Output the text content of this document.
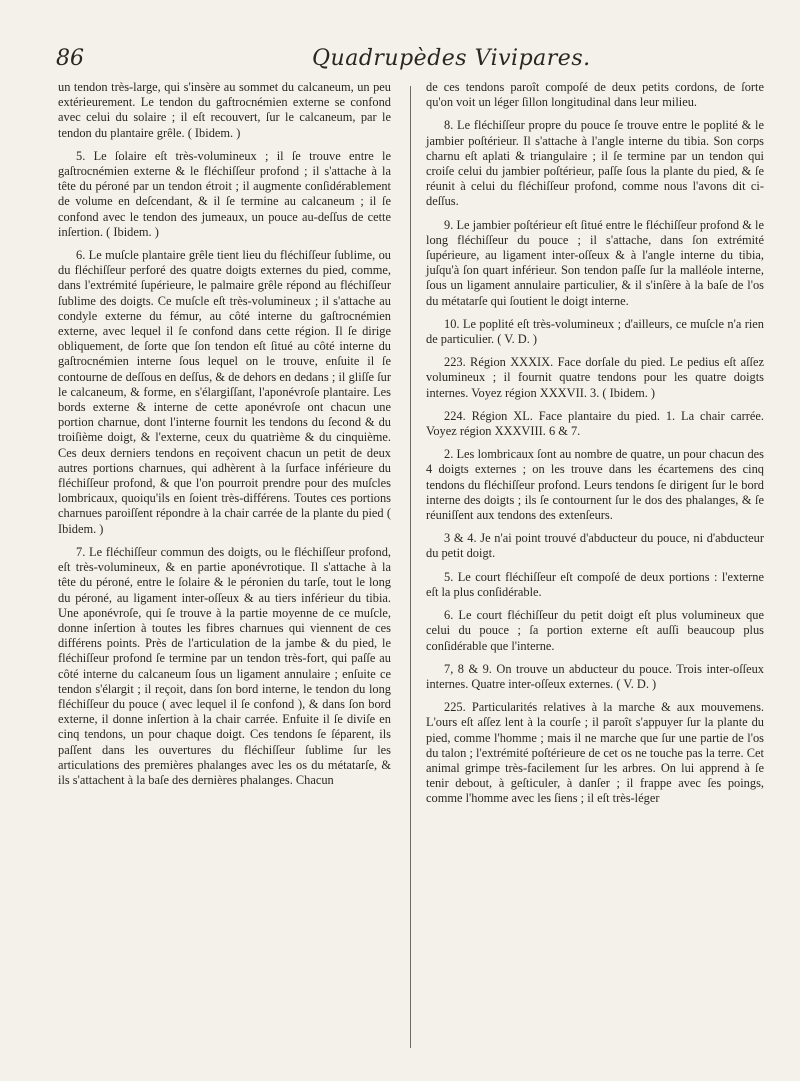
86	Quadrupèdes Vivipares.

un tendon très-large, qui s'insère au sommet du calcaneum, un peu extérieurement. Le tendon du gaftrocnémien externe se confond avec celui du solaire ; il eſt recouvert, ſur le calcaneum, par le tendon du plantaire grêle. ( Ibidem. )

5. Le ſolaire eſt très-volumineux ; il ſe trouve entre le gaſtrocnémien externe & le fléchiſſeur profond ; il s'attache à la tête du péroné par un tendon étroit ; il augmente conſidérablement de volume en deſcendant, & il ſe termine au calcaneum ; il ſe confond avec le tendon des jumeaux, un pouce au-deſſus de cette inſertion. ( Ibidem. )

6. Le muſcle plantaire grêle tient lieu du fléchiſſeur ſublime, ou du fléchiſſeur perforé des quatre doigts externes du pied, comme, dans l'extrémité ſupérieure, le palmaire grêle répond au fléchiſſeur ſublime des doigts. Ce muſcle eſt très-volumineux ; il s'attache au condyle externe du fémur, au côté interne du gaſtrocnémien externe, avec lequel il ſe confond dans cette région. Il ſe dirige obliquement, de ſorte que ſon tendon eſt ſitué au côté interne du gaſtrocnémien interne ſous lequel on le trouve, enſuite il ſe contourne de deſſous en deſſus, & de dehors en dedans ; il gliſſe ſur le calcaneum, & forme, en s'élargiſſant, l'aponévroſe plantaire. Les bords externe & interne de cette aponévroſe ont chacun une portion charnue, dont l'interne fournit les tendons du ſecond & du troiſième doigt, & l'externe, ceux du quatrième & du cinquième. Ces deux derniers tendons en reçoivent chacun un petit de deux autres portions charnues, qui adhèrent à la ſurface inférieure du fléchiſſeur profond, & que l'on pourroit prendre pour des muſcles lombricaux, quoiqu'ils en ſoient très-différens. Toutes ces portions charnues paroiſſent répondre à la chair carrée de la plante du pied ( Ibidem. )

7. Le fléchiſſeur commun des doigts, ou le fléchiſſeur profond, eſt très-volumineux, & en partie aponévrotique. Il s'attache à la tête du péroné, entre le ſolaire & le péronien du tarſe, tout le long du péroné, au ligament inter-oſſeux & au tiers inférieur du tibia. Une aponévroſe, qui ſe trouve à la partie moyenne de ce muſcle, donne inſertion à toutes les fibres charnues qui viennent de ces différens points. Près de l'articulation de la jambe & du pied, le fléchiſſeur profond ſe termine par un tendon très-fort, qui paſſe au côté interne du calcaneum ſous un ligament annulaire ; enſuite ce tendon s'élargit ; il reçoit, dans ſon bord interne, le tendon du long fléchiſſeur du pouce ( avec lequel il ſe confond ), & dans ſon bord externe, il donne inſertion à la chair carrée. Enfuite il ſe diviſe en cinq tendons, un pour chaque doigt. Ces tendons ſe ſéparent, ils paſſent dans les ouvertures du fléchiſſeur ſublime ſur les articulations des premières phalanges avec les os du métatarſe, & ils s'attachent à la baſe des dernières phalanges. Chacun

de ces tendons paroît compoſé de deux petits cordons, de ſorte qu'on voit un léger ſillon longitudinal dans leur milieu.

8. Le fléchiſſeur propre du pouce ſe trouve entre le poplité & le jambier poſtérieur. Il s'attache à l'angle interne du tibia. Son corps charnu eſt aplati & triangulaire ; il ſe termine par un tendon qui croiſe celui du jambier poſtérieur, paſſe ſous la plante du pied, & ſe réunit à celui du fléchiſſeur profond, comme nous l'avons dit ci-deſſus.

9. Le jambier poſtérieur eſt ſitué entre le fléchiſſeur profond & le long fléchiſſeur du pouce ; il s'attache, dans ſon extrémité ſupérieure, au ligament inter-oſſeux & à l'angle interne du tibia, juſqu'à ſon quart inférieur. Son tendon paſſe ſur la malléole interne, ſous un ligament annulaire particulier, & il s'inſère à la baſe de l'os du métatarſe qui ſoutient le doigt interne.

10. Le poplité eſt très-volumineux ; d'ailleurs, ce muſcle n'a rien de particulier. ( V. D. )

223. Région XXXIX. Face dorſale du pied. Le pedius eſt aſſez volumineux ; il fournit quatre tendons pour les quatre doigts internes. Voyez région XXXVII. 3. ( Ibidem. )

224. Région XL. Face plantaire du pied. 1. La chair carrée. Voyez région XXXVIII. 6 & 7.

2. Les lombricaux ſont au nombre de quatre, un pour chacun des 4 doigts externes ; on les trouve dans les écartemens des cinq tendons du fléchiſſeur profond. Leurs tendons ſe dirigent ſur le bord interne des doigts ; ils ſe contournent ſur le dos des phalanges, & ſe réuniſſent aux tendons des extenſeurs.

3 & 4. Je n'ai point trouvé d'abducteur du pouce, ni d'abducteur du petit doigt.

5. Le court fléchiſſeur eſt compoſé de deux portions : l'externe eſt la plus conſidérable.

6. Le court fléchiſſeur du petit doigt eſt plus volumineux que celui du pouce ; ſa portion externe eſt auſſi beaucoup plus conſidérable que l'interne.

7, 8 & 9. On trouve un abducteur du pouce. Trois inter-oſſeux internes. Quatre inter-oſſeux externes. ( V. D. )

225. Particularités relatives à la marche & aux mouvemens. L'ours eſt aſſez lent à la courſe ; il paroît s'appuyer ſur la plante du pied, comme l'homme ; mais il ne marche que ſur une partie de l'os du talon ; l'extrémité poſtérieure de cet os ne touche pas la terre. Cet animal grimpe très-facilement ſur les arbres. On lui apprend à ſe tenir debout, à geſticuler, à danſer ; il frappe avec ſes poings, comme l'homme avec les ſiens ; il eſt très-léger
